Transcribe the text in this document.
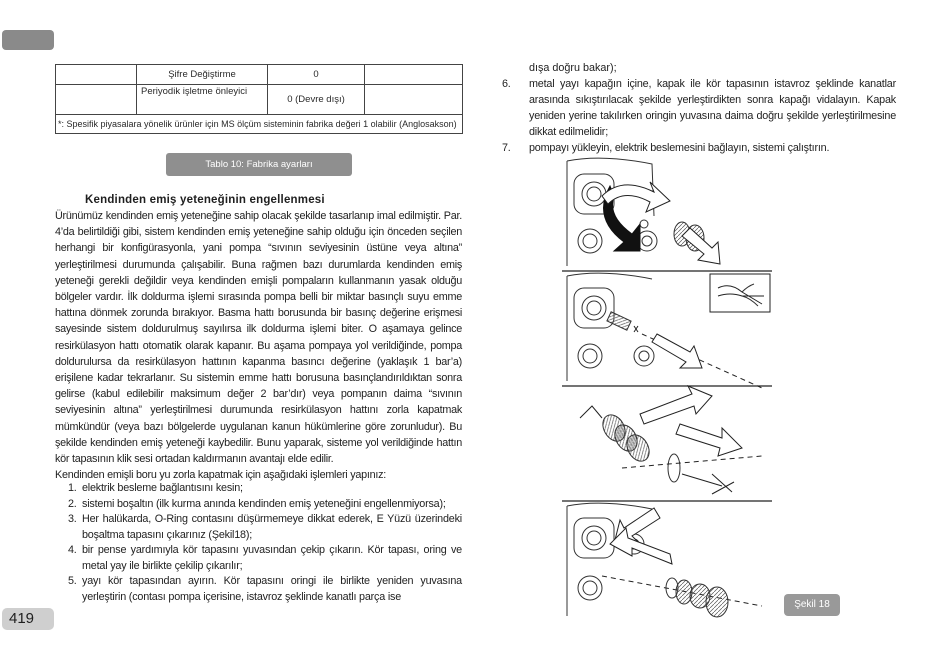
	Şifre Değiştirme	0	
	Periyodik işletme önleyici	0 (Devre dışı)	
*: Spesifik piyasalara yönelik ürünler için MS ölçüm sisteminin fabrika değeri 1 olabilir (Anglosakson)			
Tablo 10: Fabrika ayarları
Kendinden emiş yeteneğinin engellenmesi

Ürünümüz kendinden emiş yeteneğine sahip olacak şekilde tasarlanıp imal edilmiştir. Par. 4’da belirtildiği gibi, sistem kendinden emiş yeteneğine sahip olduğu için önceden seçilen herhangi bir konfigürasyonla, yani pompa “sıvının seviyesinin üstüne veya altına” yerleştirilmesi durumunda çalışabilir. Buna rağmen bazı durumlarda kendinden emiş yeteneği gerekli değildir veya kendinden emişli pompaların kullanmanın yasak olduğu bölgeler vardır. İlk doldurma işlemi sırasında pompa belli bir miktar basınçlı suyu emme hattına dönmek zorunda bırakıyor. Basma hattı borusunda bir basınç değerine erişmesi sayesinde sistem doldurulmuş sayılırsa ilk doldurma işlemi biter. O aşamaya gelince resirkülasyon hattı otomatik olarak kapanır. Bu aşama pompaya yol verildiğinde, pompa doldurulursa da resirkülasyon hattının kapanma basıncı değerine (yaklaşık 1 bar’a) erişilene kadar tekrarlanır. Su sistemin emme hattı borusuna basınçlandırıldıktan sonra gelirse (kabul edilebilir maksimum değer 2 bar’dır) veya pompanın daima “sıvının seviyesinin altına” yerleştirilmesi durumunda resirkülasyon hattını zorla kapatmak mümkündür (veya bazı bölgelerde uygulanan kanun hükümlerine göre zorunludur). Bu şekilde kendinden emiş yeteneği kaybedilir. Bunu yaparak, sisteme yol verildiğinde hattın kör tapasının klik sesi ortadan kaldırmanın avantajı elde edilir.

Kendinden emişli boru yu zorla kapatmak için aşağıdaki işlemleri yapınız:

1. elektrik besleme bağlantısını kesin;
2. sistemi boşaltın (ilk kurma anında kendinden emiş yeteneğini engellenmiyorsa);
3. Her halükarda, O-Ring contasını düşürmemeye dikkat ederek, E Yüzü üzerindeki boşaltma tapasını çıkarınız (Şekil18);
4. bir pense yardımıyla kör tapasını yuvasından çekip çıkarın. Kör tapası, oring ve metal yay ile birlikte çekilip çıkarılır;
5. yayı kör tapasından ayırın. Kör tapasını oringi ile birlikte yeniden yuvasına yerleştirin (contası pompa içerisine, istavroz şeklinde kanatlı parça ise
dışa doğru bakar);
6. metal yayı kapağın içine, kapak ile kör tapasının istavroz şeklinde kanatlar arasında sıkıştırılacak şekilde yerleştirdikten sonra kapağı vidalayın. Kapak yeniden yerine takılırken oringin yuvasına daima doğru şekilde yerleştirilmesine dikkat edilmelidir;
7. pompayı yükleyin, elektrik beslemesini bağlayın, sistemi çalıştırın.
Şekil 18
419
